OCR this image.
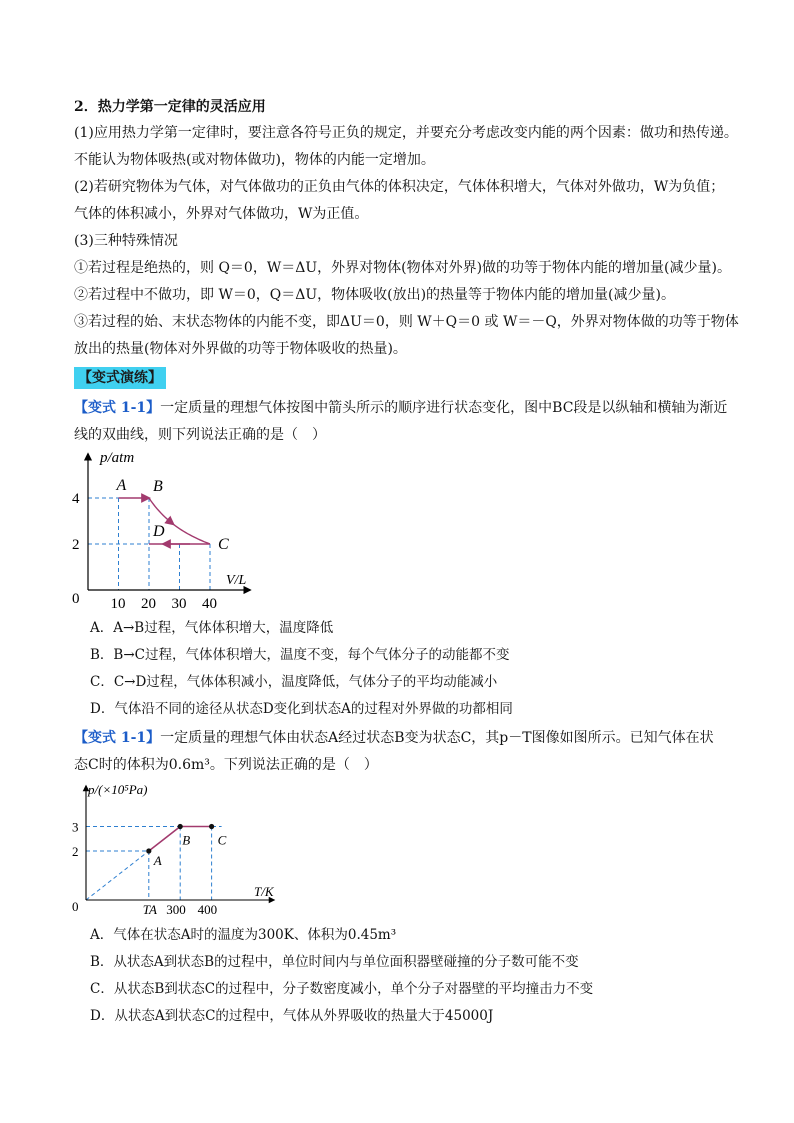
2．热力学第一定律的灵活应用
(1)应用热力学第一定律时，要注意各符号正负的规定，并要充分考虑改变内能的两个因素：做功和热传递。
不能认为物体吸热(或对物体做功)，物体的内能一定增加。
(2)若研究物体为气体，对气体做功的正负由气体的体积决定，气体体积增大，气体对外做功，W为负值；
气体的体积减小，外界对气体做功，W为正值。
(3)三种特殊情况
①若过程是绝热的，则 Q＝0，W＝ΔU，外界对物体(物体对外界)做的功等于物体内能的增加量(减少量)。
②若过程中不做功，即 W＝0，Q＝ΔU，物体吸收(放出)的热量等于物体内能的增加量(减少量)。
③若过程的始、末状态物体的内能不变，即ΔU＝0，则 W＋Q＝0 或 W＝－Q，外界对物体做的功等于物体
放出的热量(物体对外界做的功等于物体吸收的热量)。
【变式演练】
【变式 1-1】一定质量的理想气体按图中箭头所示的顺序进行状态变化，图中BC段是以纵轴和横轴为渐近
线的双曲线，则下列说法正确的是（　）
p/atm
V/L
0
2
4
10 20 30 40
A B
C
D
A．A→B过程，气体体积增大，温度降低
B．B→C过程，气体体积增大，温度不变，每个气体分子的动能都不变
C．C→D过程，气体体积减小，温度降低，气体分子的平均动能减小
D．气体沿不同的途径从状态D变化到状态A的过程对外界做的功都相同
【变式 1-1】一定质量的理想气体由状态A经过状态B变为状态C，其p－T图像如图所示。已知气体在状
态C时的体积为0.6m³。下列说法正确的是（　）
p/(×10⁵Pa)
T/K
0
2
3
TA 300 400
A
B C
A．气体在状态A时的温度为300K、体积为0.45m³
B．从状态A到状态B的过程中，单位时间内与单位面积器壁碰撞的分子数可能不变
C．从状态B到状态C的过程中，分子数密度减小，单个分子对器壁的平均撞击力不变
D．从状态A到状态C的过程中，气体从外界吸收的热量大于45000J
